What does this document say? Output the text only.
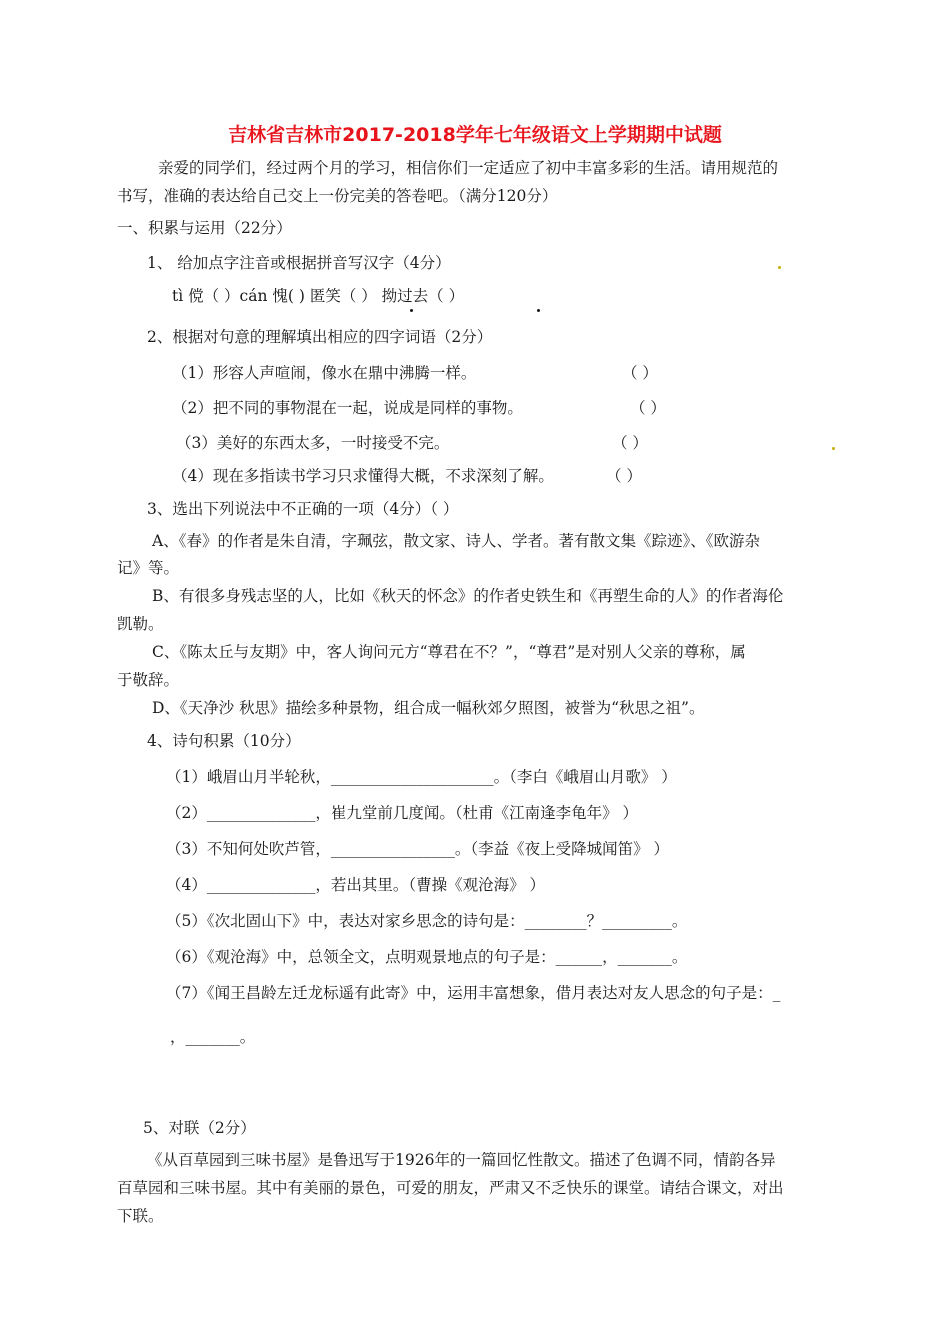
吉林省吉林市2017-2018学年七年级语文上学期期中试题
亲爱的同学们，经过两个月的学习，相信你们一定适应了初中丰富多彩的生活。请用规范的
书写，准确的表达给自己交上一份完美的答卷吧。（满分120分）
一、积累与运用（22分）
1、 给加点字注音或根据拼音写汉字（4分）
tì 傥（ ）cán 愧( ) 匿笑（ ） 拗过去（ ）
2、根据对句意的理解填出相应的四字词语（2分）
（1）形容人声喧闹，像水在鼎中沸腾一样。	（ ）
（2）把不同的事物混在一起，说成是同样的事物。	（ ）
（3）美好的东西太多，一时接受不完。	（ ）
（4）现在多指读书学习只求懂得大概，不求深刻了解。	（ ）
3、选出下列说法中不正确的一项（4分）（ ）
A、《春》的作者是朱自清，字珮弦，散文家、诗人、学者。著有散文集《踪迹》、《欧游杂
记》等。
B、有很多身残志坚的人，比如《秋天的怀念》的作者史铁生和《再塑生命的人》的作者海伦
凯勒。
C、《陈太丘与友期》中，客人询问元方“尊君在不？”，“尊君”是对别人父亲的尊称，属
于敬辞。
D、《天净沙 秋思》描绘多种景物，组合成一幅秋郊夕照图，被誉为“秋思之祖”。
4、诗句积累（10分）
（1）峨眉山月半轮秋，_____________________。（李白《峨眉山月歌》 ）
（2）______________，崔九堂前几度闻。（杜甫《江南逢李龟年》 ）
（3）不知何处吹芦管，________________。（李益《夜上受降城闻笛》 ）
（4）______________，若出其里。（曹操《观沧海》 ）
（5）《次北固山下》中，表达对家乡思念的诗句是：________？_________。
（6）《观沧海》中，总领全文，点明观景地点的句子是：______，_______。
（7）《闻王昌龄左迁龙标遥有此寄》中，运用丰富想象，借月表达对友人思念的句子是：_
，_______。
5、对联（2分）
《从百草园到三味书屋》是鲁迅写于1926年的一篇回忆性散文。描述了色调不同，情韵各异
百草园和三味书屋。其中有美丽的景色，可爱的朋友，严肃又不乏快乐的课堂。请结合课文，对出
下联。
